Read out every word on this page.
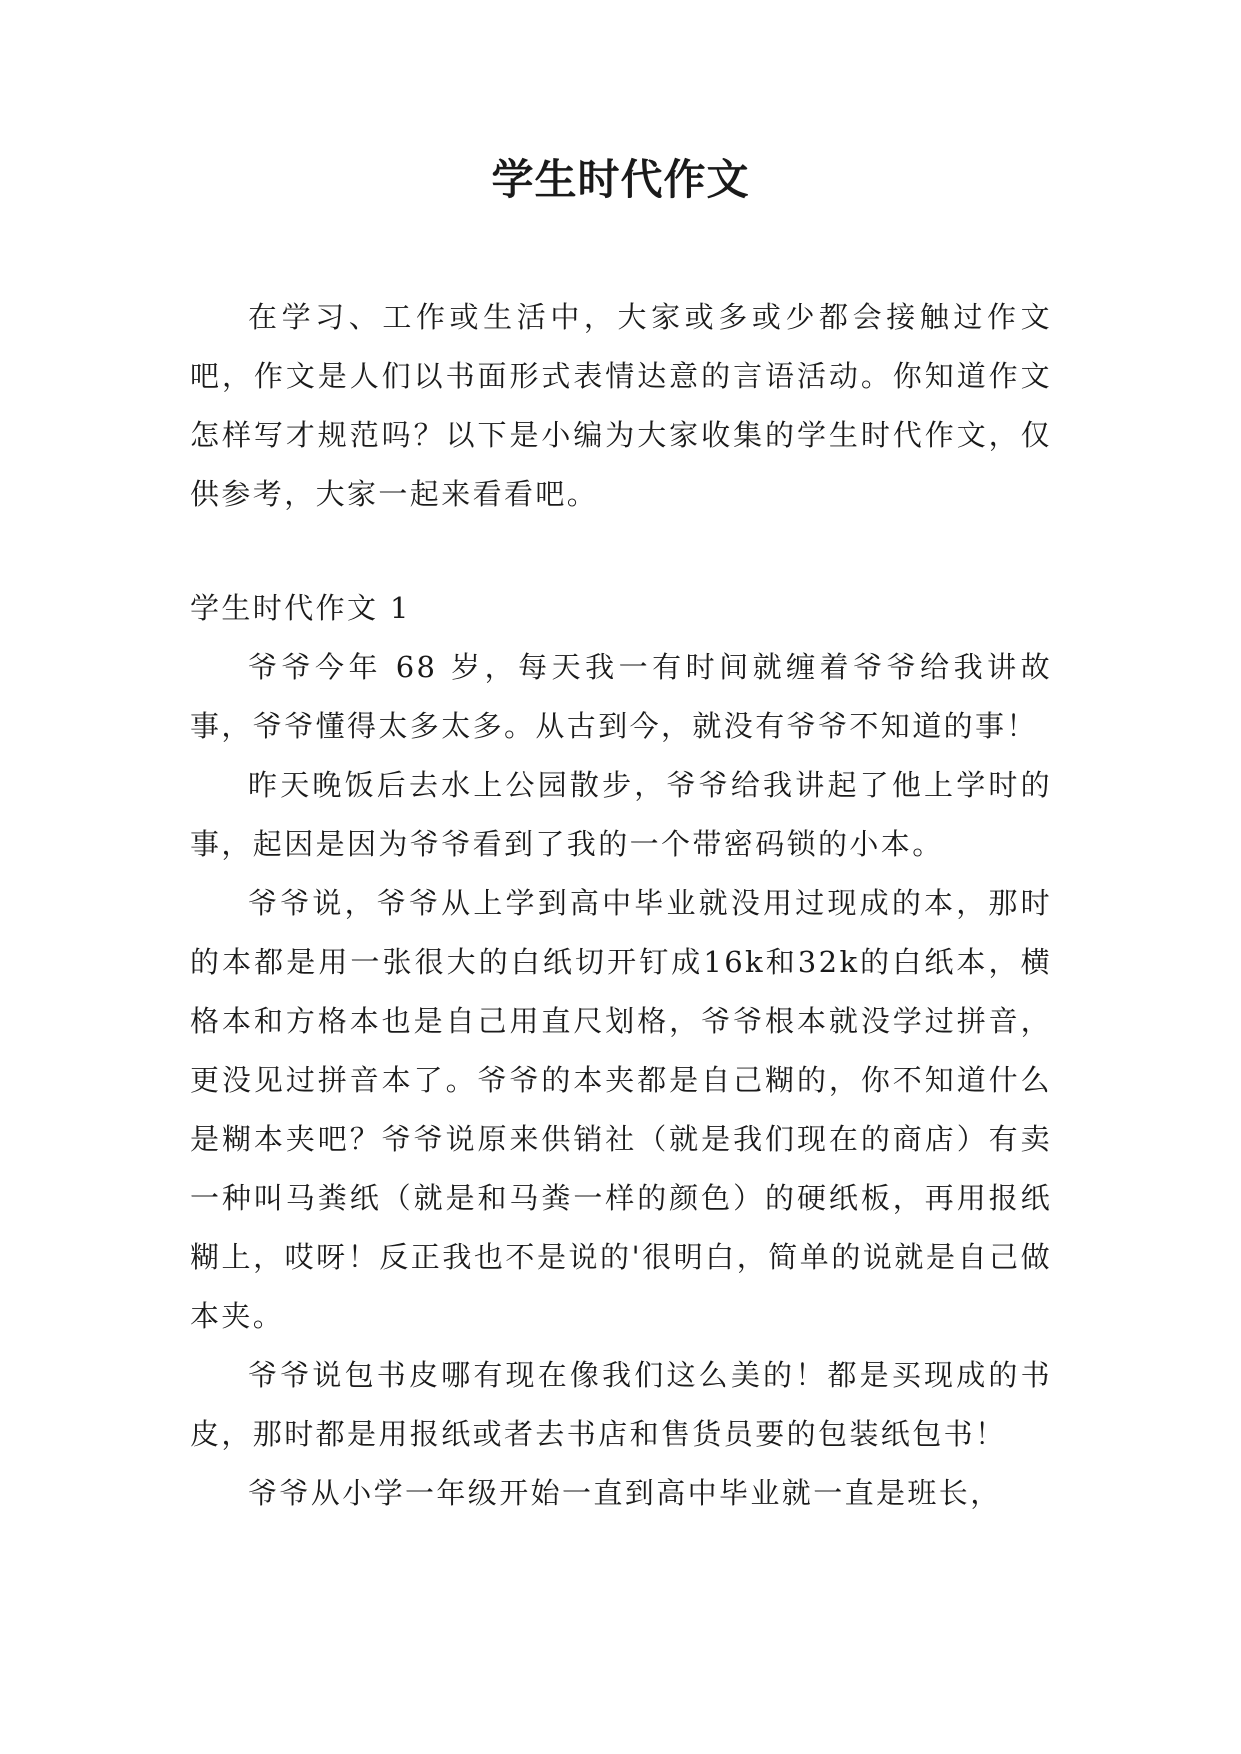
学生时代作文

在学习、工作或生活中，大家或多或少都会接触过作文吧，作文是人们以书面形式表情达意的言语活动。你知道作文怎样写才规范吗？以下是小编为大家收集的学生时代作文，仅供参考，大家一起来看看吧。

学生时代作文 1

爷爷今年 68 岁，每天我一有时间就缠着爷爷给我讲故事，爷爷懂得太多太多。从古到今，就没有爷爷不知道的事！

昨天晚饭后去水上公园散步，爷爷给我讲起了他上学时的事，起因是因为爷爷看到了我的一个带密码锁的小本。

爷爷说，爷爷从上学到高中毕业就没用过现成的本，那时的本都是用一张很大的白纸切开钉成16k和32k的白纸本，横格本和方格本也是自己用直尺划格，爷爷根本就没学过拼音，更没见过拼音本了。爷爷的本夹都是自己糊的，你不知道什么是糊本夹吧？爷爷说原来供销社（就是我们现在的商店）有卖一种叫马粪纸（就是和马粪一样的颜色）的硬纸板，再用报纸糊上，哎呀！反正我也不是说的'很明白，简单的说就是自己做本夹。

爷爷说包书皮哪有现在像我们这么美的！都是买现成的书皮，那时都是用报纸或者去书店和售货员要的包装纸包书！

爷爷从小学一年级开始一直到高中毕业就一直是班长，
